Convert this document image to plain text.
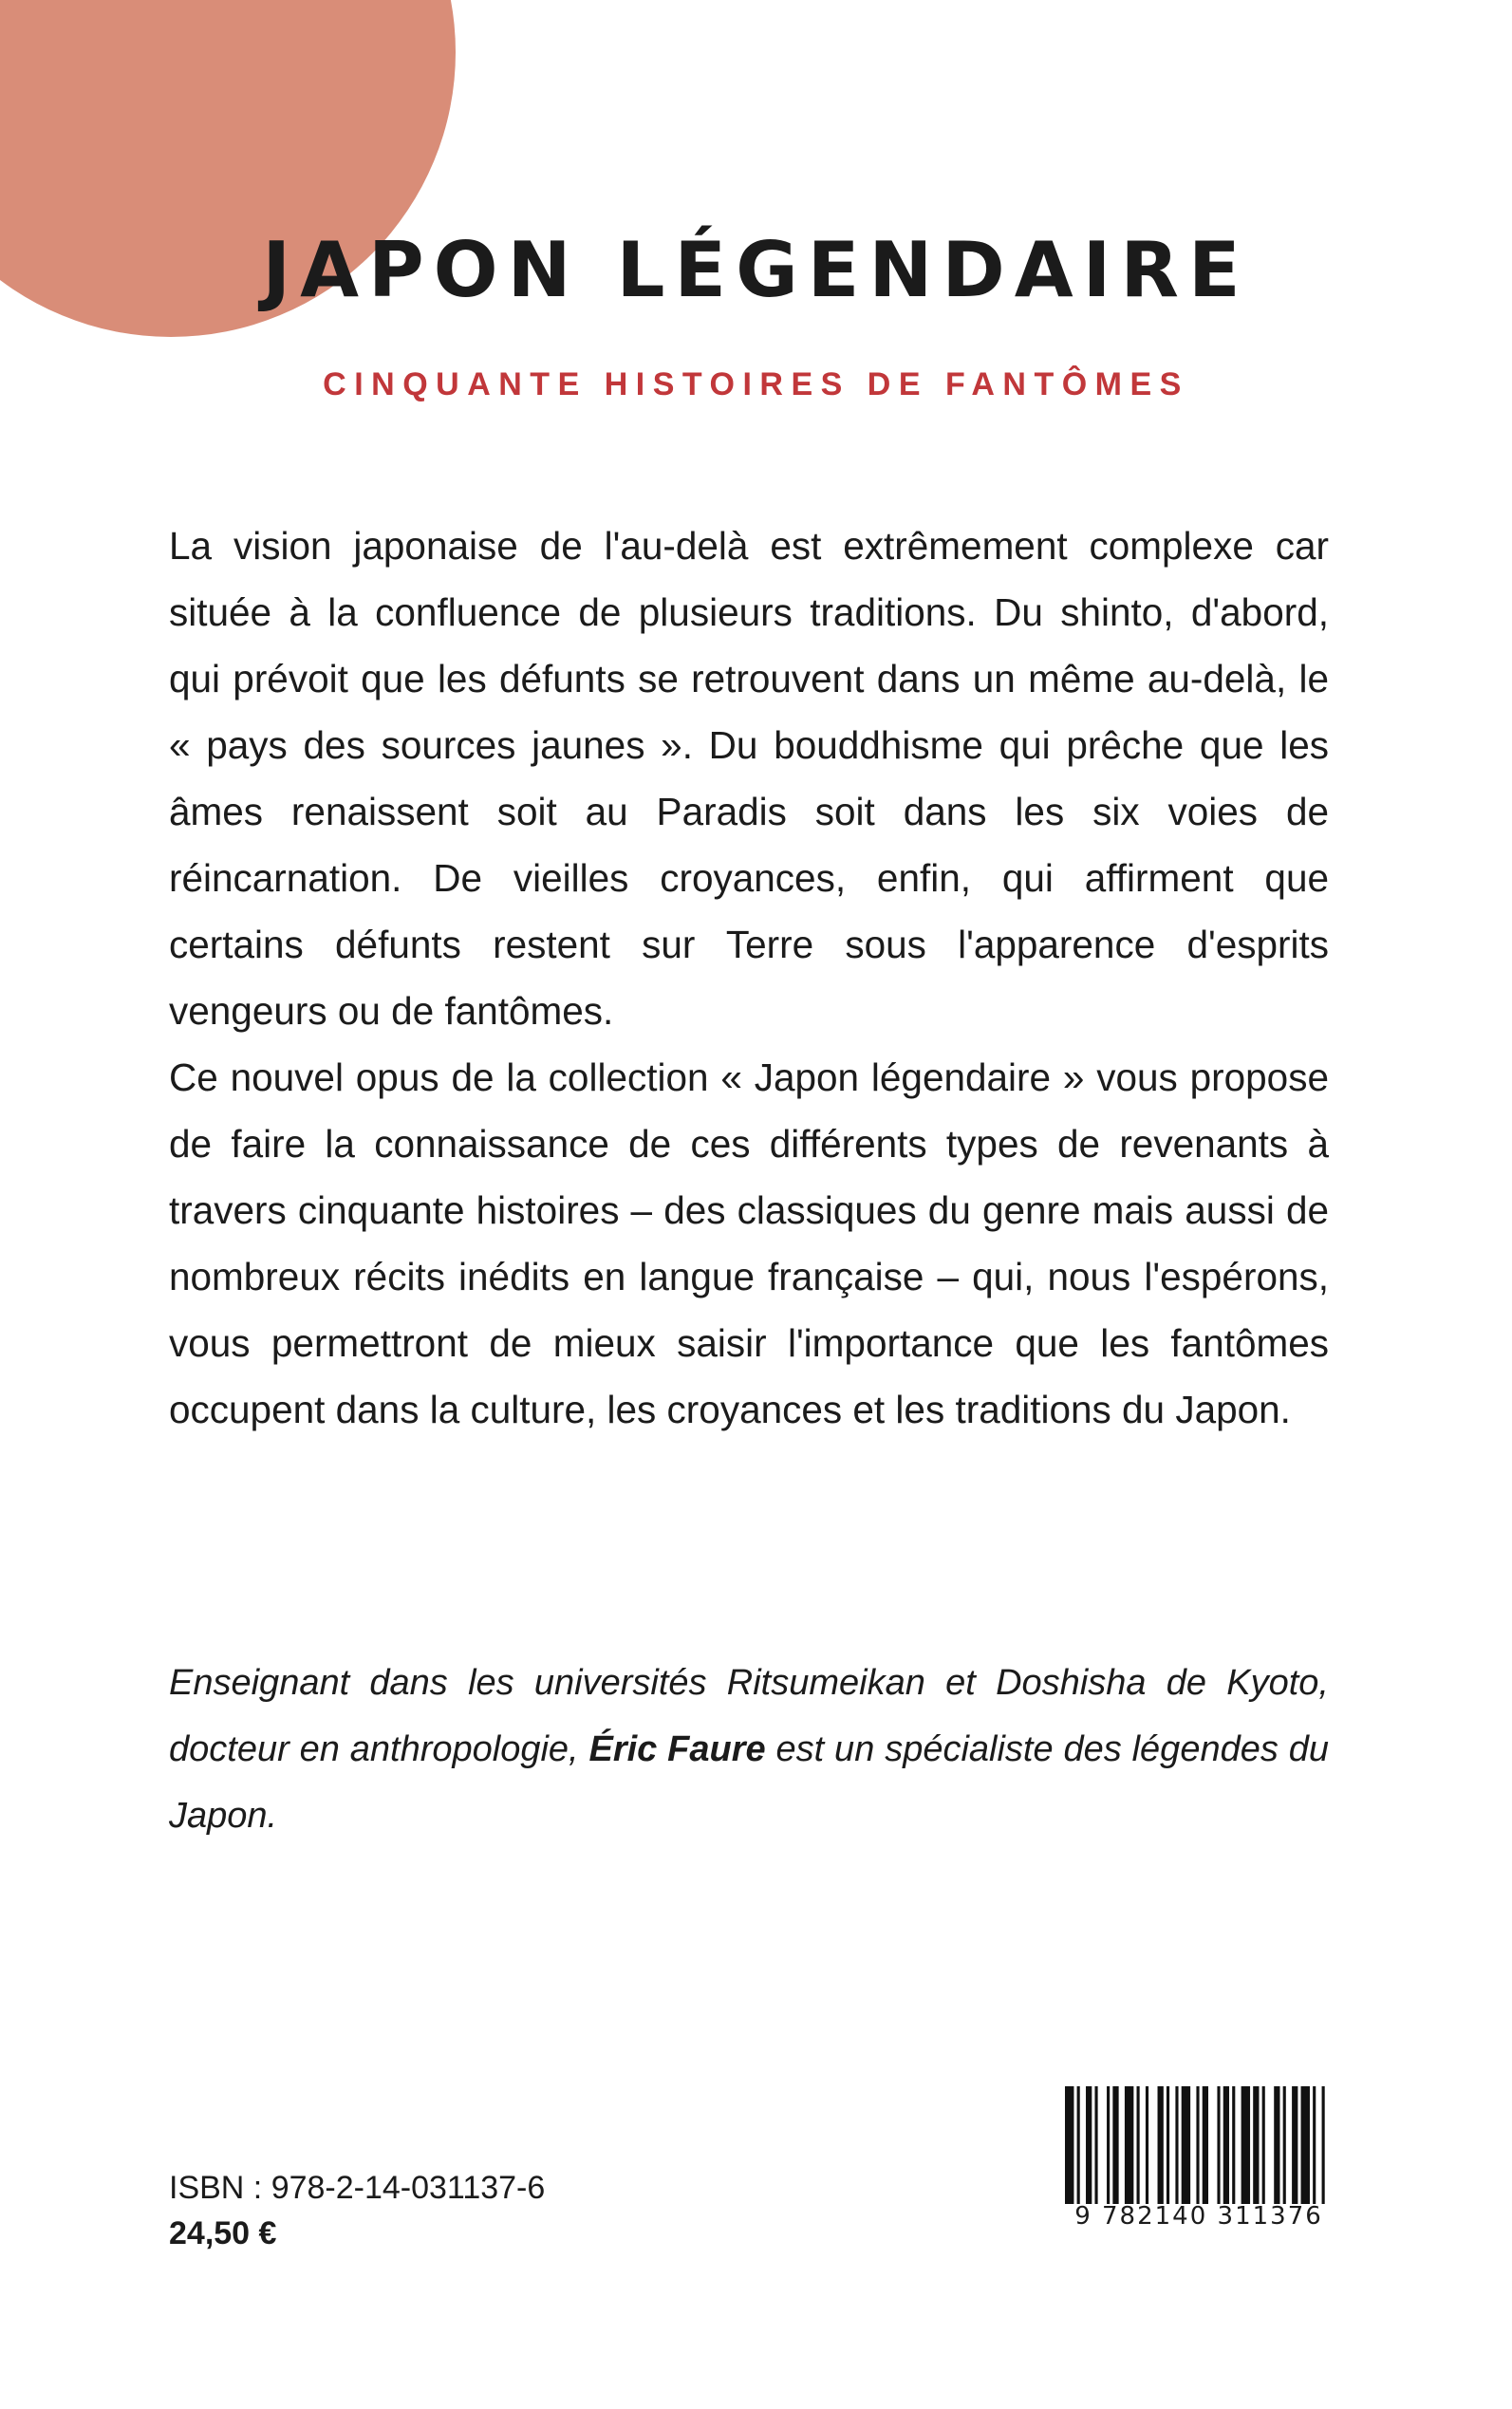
JAPON LÉGENDAIRE
CINQUANTE HISTOIRES DE FANTÔMES

La vision japonaise de l'au-delà est extrêmement complexe car située à la confluence de plusieurs traditions. Du shinto, d'abord, qui prévoit que les défunts se retrouvent dans un même au-delà, le « pays des sources jaunes ». Du bouddhisme qui prêche que les âmes renaissent soit au Paradis soit dans les six voies de réincarnation. De vieilles croyances, enfin, qui affirment que certains défunts restent sur Terre sous l'apparence d'esprits vengeurs ou de fantômes.

Ce nouvel opus de la collection « Japon légendaire » vous propose de faire la connaissance de ces différents types de revenants à travers cinquante histoires – des classiques du genre mais aussi de nombreux récits inédits en langue française – qui, nous l'espérons, vous permettront de mieux saisir l'importance que les fantômes occupent dans la culture, les croyances et les traditions du Japon.

Enseignant dans les universités Ritsumeikan et Doshisha de Kyoto, docteur en anthropologie, Éric Faure est un spécialiste des légendes du Japon.

ISBN : 978-2-14-031137-6
24,50 €	9 782140 311376
